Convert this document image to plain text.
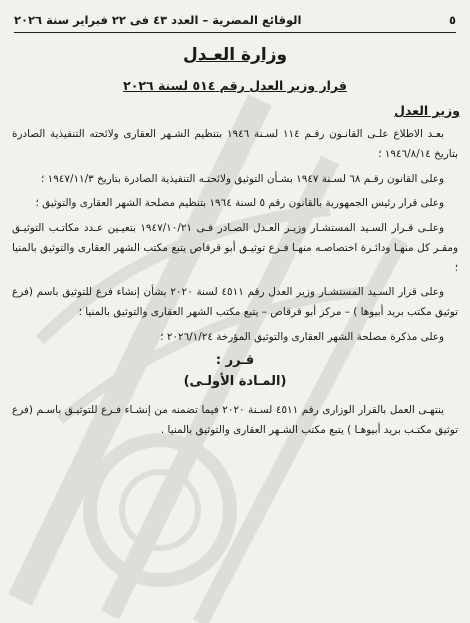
٥
الوقائع المصرية – العدد ٤٣ فى ٢٢ فبراير سنة ٢٠٢٦
وزارة العـدل
قرار وزير العدل رقم ٥١٤ لسنة ٢٠٢٦
وزير العدل

بعـد الاطلاع علـى القانـون رقـم ١١٤ لسـنة ١٩٤٦ بتنظيم الشـهر العقارى ولائحته التنفيذية الصادرة بتاريخ ١٩٤٦/٨/١٤ ؛

وعلى القانون رقـم ٦٨ لسـنة ١٩٤٧ بشـأن التوثيق ولائحتـه التنفيذية الصادرة بتاريخ ١٩٤٧/١١/٣ ؛

وعلى قرار رئيس الجمهورية بالقانون رقم ٥ لسنة ١٩٦٤ بتنظيم مصلحة الشهر العقارى والتوثيق ؛

وعلـى قـرار السـيد المستشـار وزيـر العـدل الصـادر فـى ١٩٤٧/١٠/٢١ بتعيـين عـدد مكاتـب التوثيـق ومقـر كل منهـا ودائـرة اختصاصـه منهـا فـرع توثيـق أبو قرقاص يتبع مكتب الشهر العقارى والتوثيق بالمنيا ؛

وعلى قرار السـيد المستشـار وزير العدل رقم ٤٥١١ لسنة ٢٠٢٠ بشأن إنشاء فرع للتوثيق باسم (فرع توثيق مكتب بريد أبيوها ) – مركز أبو قرقاص – يتبع مكتب الشهر العقارى والتوثيق بالمنيا ؛

وعلى مذكرة مصلحة الشهر العقارى والتوثيق المؤرخة ٢٠٢٦/١/٢٤ ؛

قـرر :
(المـادة الأولـى)

ينتهـى العمل بالقرار الوزارى رقم ٤٥١١ لسـنة ٢٠٢٠ فيما تضمنه من إنشـاء فـرع للتوثيـق باسـم (فرع توثيق مكتـب بريد أبيوهـا ) يتبع مكتب الشـهر العقارى والتوثيق بالمنيا .
